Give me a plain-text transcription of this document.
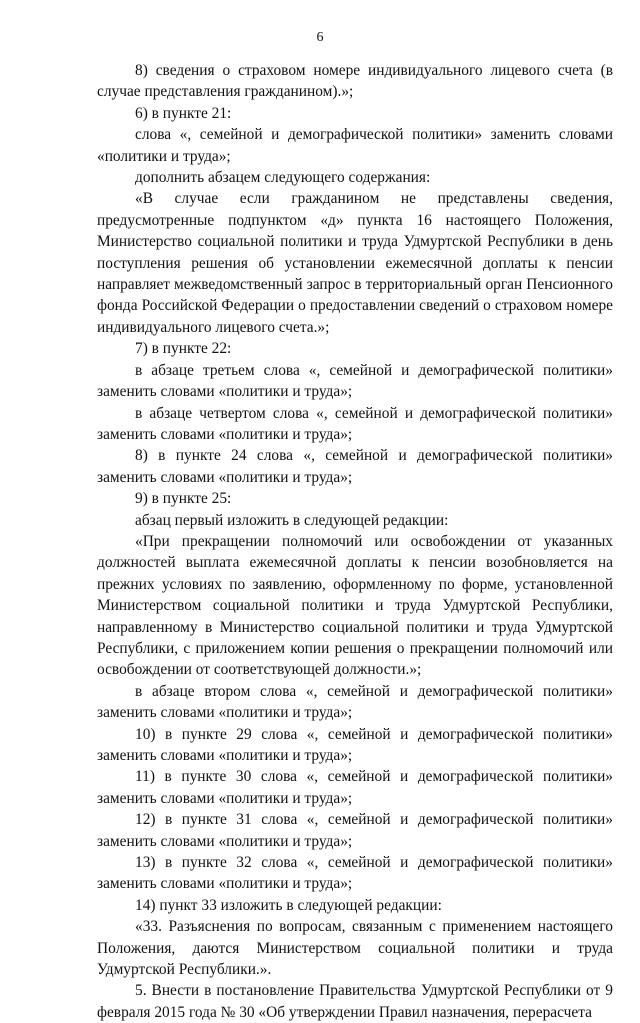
6

8) сведения о страховом номере индивидуального лицевого счета (в случае представления гражданином).»;

6) в пункте 21:

слова «, семейной и демографической политики» заменить словами «политики и труда»;

дополнить абзацем следующего содержания:

«В случае если гражданином не представлены сведения, предусмотренные подпунктом «д» пункта 16 настоящего Положения, Министерство социальной политики и труда Удмуртской Республики в день поступления решения об установлении ежемесячной доплаты к пенсии направляет межведомственный запрос в территориальный орган Пенсионного фонда Российской Федерации о предоставлении сведений о страховом номере индивидуального лицевого счета.»;

7) в пункте 22:

в абзаце третьем слова «, семейной и демографической политики» заменить словами «политики и труда»;

в абзаце четвертом слова «, семейной и демографической политики» заменить словами «политики и труда»;

8) в пункте 24 слова «, семейной и демографической политики» заменить словами «политики и труда»;

9) в пункте 25:

абзац первый изложить в следующей редакции:

«При прекращении полномочий или освобождении от указанных должностей выплата ежемесячной доплаты к пенсии возобновляется на прежних условиях по заявлению, оформленному по форме, установленной Министерством социальной политики и труда Удмуртской Республики, направленному в Министерство социальной политики и труда Удмуртской Республики, с приложением копии решения о прекращении полномочий или освобождении от соответствующей должности.»;

в абзаце втором слова «, семейной и демографической политики» заменить словами «политики и труда»;

10) в пункте 29 слова «, семейной и демографической политики» заменить словами «политики и труда»;

11) в пункте 30 слова «, семейной и демографической политики» заменить словами «политики и труда»;

12) в пункте 31 слова «, семейной и демографической политики» заменить словами «политики и труда»;

13) в пункте 32 слова «, семейной и демографической политики» заменить словами «политики и труда»;

14) пункт 33 изложить в следующей редакции:

«33. Разъяснения по вопросам, связанным с применением настоящего Положения, даются Министерством социальной политики и труда Удмуртской Республики.».

5. Внести в постановление Правительства Удмуртской Республики от 9 февраля 2015 года № 30 «Об утверждении Правил назначения, перерасчета
